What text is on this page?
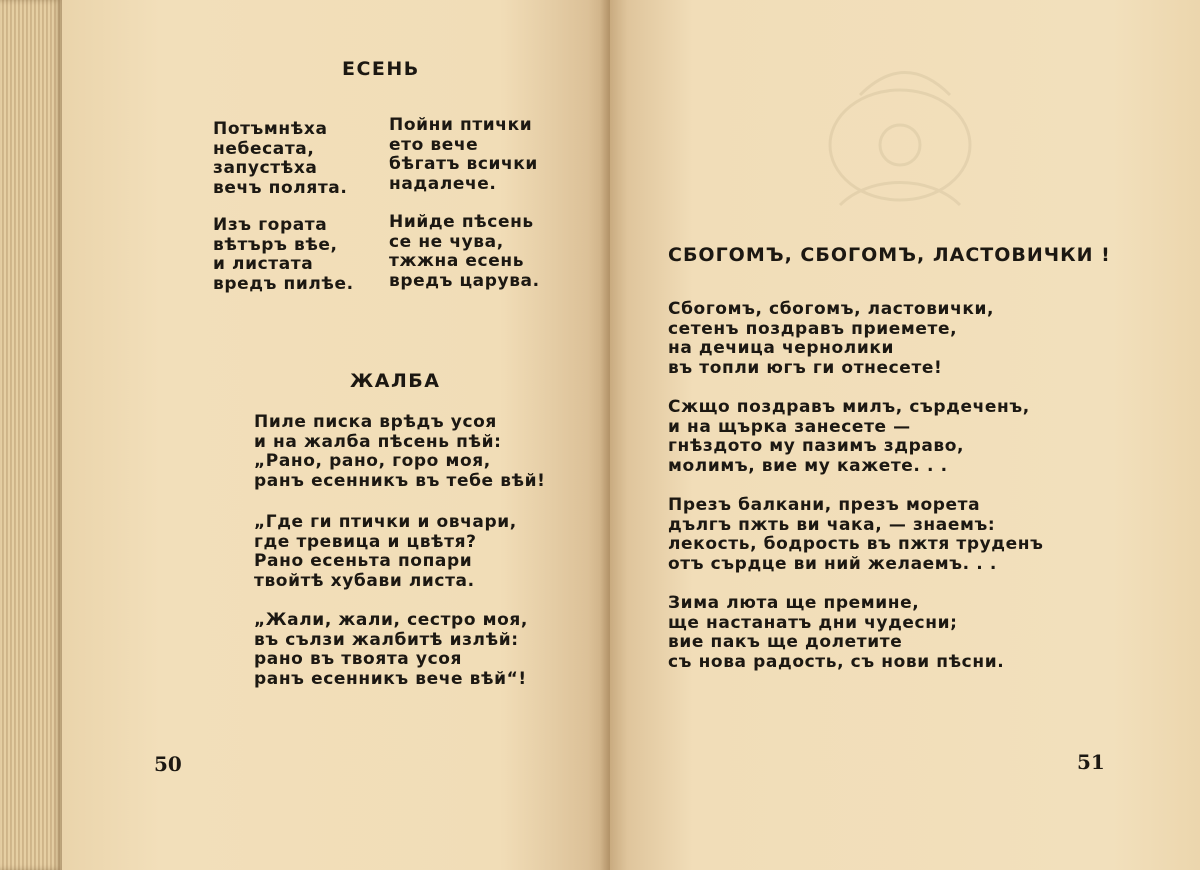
ЕСЕНЬ
Потъмнѣха
небесата,
запустѣха
вечъ полята.
Изъ гората
вѣтъръ вѣе,
и листата
вредъ пилѣе.
Пойни птички
ето вече
бѣгатъ всички
надалече.
Нийде пѣсень
се не чува,
тжжна есень
вредъ царува.
ЖАЛБА
Пиле писка врѣдъ усоя
и на жалба пѣсень пѣй:
„Рано, рано, горо моя,
ранъ есенникъ въ тебе вѣй!
„Где ги птички и овчари,
где тревица и цвѣтя?
Рано есеньта попари
твойтѣ хубави листа.
„Жали, жали, сестро моя,
въ сълзи жалбитѣ излѣй:
рано въ твоята усоя
ранъ есенникъ вече вѣй“!
50
СБОГОМЪ, СБОГОМЪ, ЛАСТОВИЧКИ !
Сбогомъ, сбогомъ, ластовички,
сетенъ поздравъ приемете,
на дечица чернолики
въ топли югъ ги отнесете!
Сжщо поздравъ милъ, сърдеченъ,
и на щърка занесете —
гнѣздото му пазимъ здраво,
молимъ, вие му кажете. . .
Презъ балкани, презъ морета
дългъ пжть ви чака, — знаемъ:
лекость, бодрость въ пжтя труденъ
отъ сърдце ви ний желаемъ. . .
Зима люта ще премине,
ще настанатъ дни чудесни;
вие пакъ ще долетите
съ нова радость, съ нови пѣсни.
51
